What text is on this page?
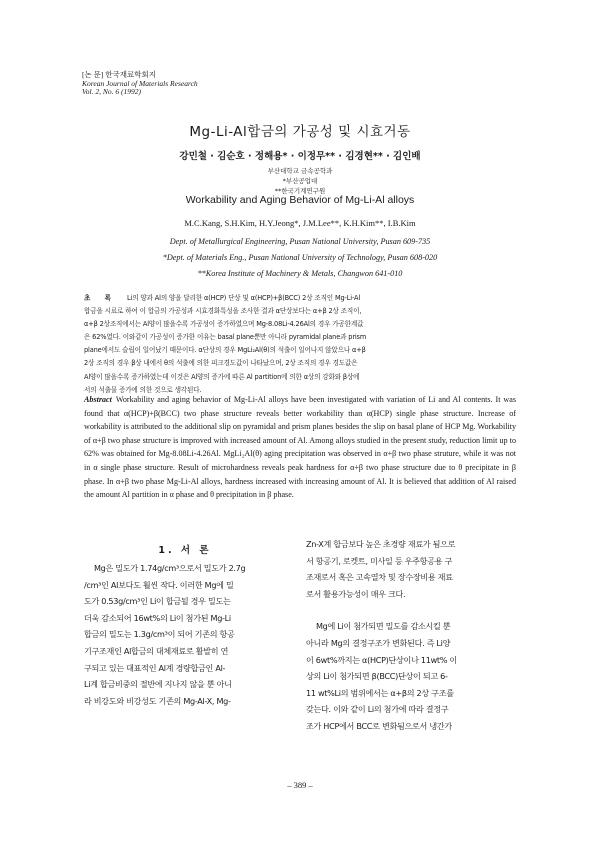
[논 문] 한국재료학회지
Korean Journal of Materials Research
Vol. 2, No. 6 (1992)
Mg-Li-Al합금의 가공성 및 시효거동
강민철 · 김순호 · 정해용* · 이정무** · 김경현** · 김인배
부산대학교 금속공학과
*부산공업대
**한국기계연구원
Workability and Aging Behavior of Mg-Li-Al alloys
M.C.Kang, S.H.Kim, H.Y.Jeong*, J.M.Lee**, K.H.Kim**, I.B.Kim
Dept. of Metallurgical Engineering, Pusan National University, Pusan 609-735
*Dept. of Materials Eng., Pusan National University of Technology, Pusan 608-020
**Korea Institute of Machinery & Metals, Changwon 641-010
초 록 Li의 양과 Al의 양을 달리한 α(HCP) 단상 및 α(HCP)+β(BCC) 2상 조직인 Mg-Li-Al
합금을 시료로 하여 이 합금의 가공성과 시효경화특성을 조사한 결과 α단상보다는 α+β 2상 조직이,
α+β 2상조직에서는 Al양이 많을수록 가공성이 증가하였으며 Mg-8.08Li-4.26Al의 경우 가공한계값
은 62%였다. 이와같이 가공성이 증가한 이유는 basal plane뿐만 아니라 pyramidal plane과 prism
plane에서도 슬립이 일어났기 때문이다. α단상의 경우 MgLi₂Al(θ)의 석출이 일어나지 않았으나 α+β
2상 조직의 경우 β상 내에서 θ의 석출에 의한 피크경도값이 나타났으며, 2상 조직의 경우 경도값은
Al양이 많을수록 증가하였는데 이것은 Al양의 증가에 따른 Al partition에 의한 α상의 강화와 β상에
서의 석출물 증가에 의한 것으로 생각된다.
Abstract Workability and aging behavior of Mg-Li-Al alloys have been investigated with variation of Li and Al contents. It was found that α(HCP)+β(BCC) two phase structure reveals better workability than α(HCP) single phase structure. Increase of workability is attributed to the additional slip on pyramidal and prism planes besides the slip on basal plane of HCP Mg. Workability of α+β two phase structure is improved with increased amount of Al. Among alloys studied in the present study, reduction limit up to 62% was obtained for Mg-8.08Li-4.26Al. MgLi₂Al(θ) aging precipitation was observed in α+β two phase struture, while it was not in α single phase structure. Result of microhardness reveals peak hardness for α+β two phase structure due to θ precipitate in β phase. In α+β two phase Mg-Li-Al alloys, hardness increased with increasing amount of Al. It is believed that addition of Al raised the amount Al partition in α phase and θ precipitation in β phase.
1. 서 론
Mg은 밀도가 1.74g/cm³으로서 밀도가 2.7g
/cm³인 Al보다도 훨씬 작다. 이러한 Mg에 밀
도가 0.53g/cm³인 Li이 합금될 경우 밀도는
더욱 감소되어 16wt%의 Li이 첨가된 Mg-Li
합금의 밀도는 1.3g/cm³이 되어 기존의 항공
기구조재인 Al합금의 대체재료로 활발히 연
구되고 있는 대표적인 Al계 경량합금인 Al-
Li계 합금비중의 절반에 지나지 않을 뿐 아니
라 비강도와 비강성도 기존의 Mg-Al-X, Mg-
Zn-X계 합금보다 높은 초경량 재료가 됨으로
서 항공기, 로켓트, 미사일 등 우주항공용 구
조재로서 혹은 고속열차 및 장수장비용 재료
로서 활용가능성이 매우 크다.
Mg에 Li이 첨가되면 밀도를 감소시킬 뿐
아니라 Mg의 결정구조가 변화된다. 즉 Li양
이 6wt%까지는 α(HCP)단상이나 11wt% 이
상의 Li이 첨가되면 β(BCC)단상이 되고 6-
11 wt%Li의 범위에서는 α+β의 2상 구조를
갖는다. 이와 같이 Li의 첨가에 따라 결정구
조가 HCP에서 BCC로 변화됨으로서 냉간가
– 389 –
